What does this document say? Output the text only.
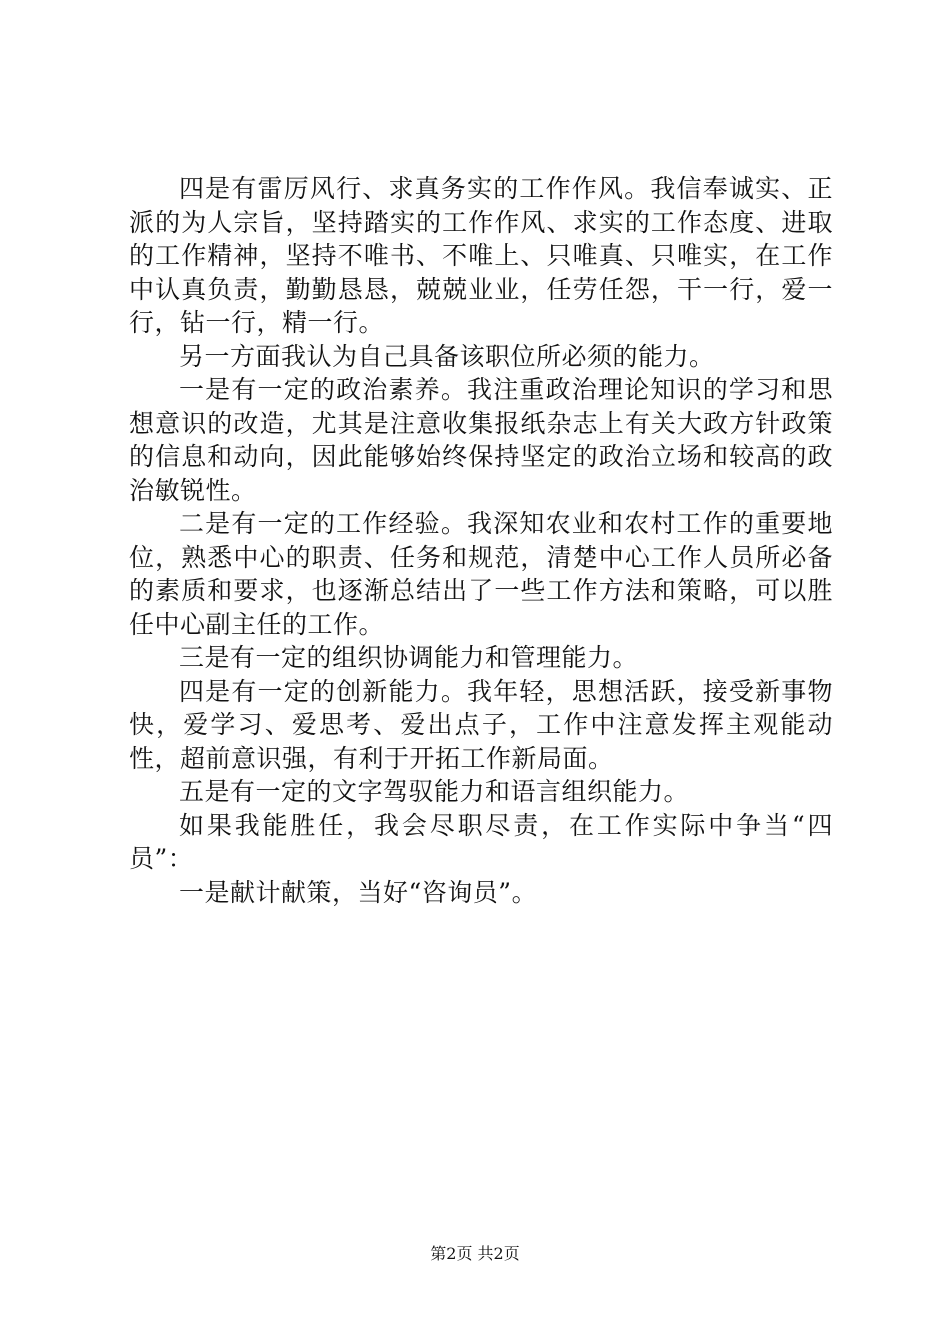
四是有雷厉风行、求真务实的工作作风。我信奉诚实、正派的为人宗旨，坚持踏实的工作作风、求实的工作态度、进取的工作精神，坚持不唯书、不唯上、只唯真、只唯实，在工作中认真负责，勤勤恳恳，兢兢业业，任劳任怨，干一行，爱一行，钻一行，精一行。

另一方面我认为自己具备该职位所必须的能力。

一是有一定的政治素养。我注重政治理论知识的学习和思想意识的改造，尤其是注意收集报纸杂志上有关大政方针政策的信息和动向，因此能够始终保持坚定的政治立场和较高的政治敏锐性。

二是有一定的工作经验。我深知农业和农村工作的重要地位，熟悉中心的职责、任务和规范，清楚中心工作人员所必备的素质和要求，也逐渐总结出了一些工作方法和策略，可以胜任中心副主任的工作。

三是有一定的组织协调能力和管理能力。

四是有一定的创新能力。我年轻，思想活跃，接受新事物快，爱学习、爱思考、爱出点子，工作中注意发挥主观能动性，超前意识强，有利于开拓工作新局面。

五是有一定的文字驾驭能力和语言组织能力。

如果我能胜任，我会尽职尽责，在工作实际中争当“四员”：

一是献计献策，当好“咨询员”。

第2页 共2页
